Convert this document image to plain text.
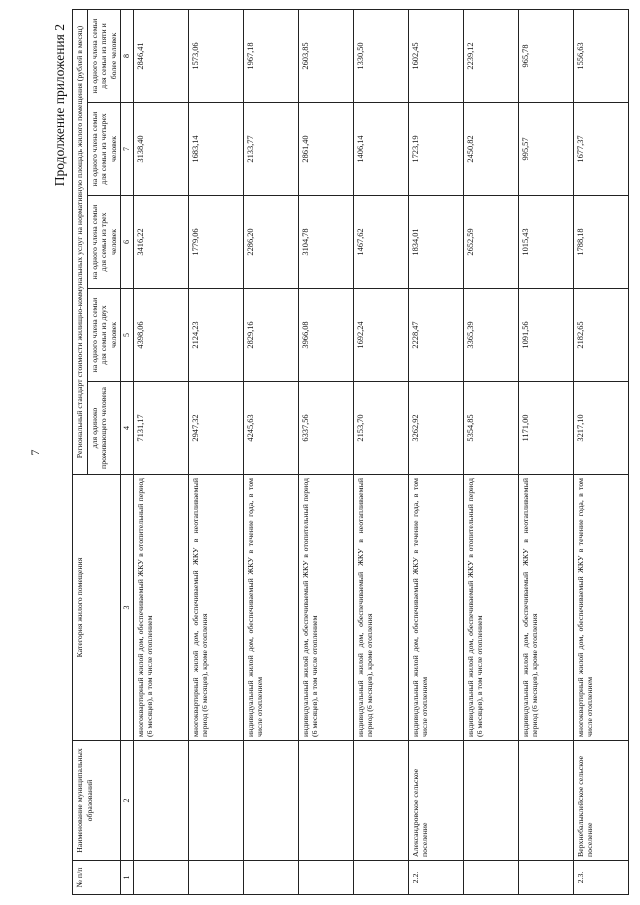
7
Продолжение приложения 2
№ п/п	Наименование муниципальных образований	Категория жилого помещения	Региональный стандарт стоимости жилищно-коммунальных услуг на нормативную площадь жилого помещения (рублей в месяц)				
			для одиноко проживающего человека	на одного члена семьи для семьи из двух человек	на одного члена семьи для семьи из трех человек	на одного члена семьи для семьи из четырех человек	на одного члена семьи для семьи из пяти и более человек
1	2	3	4	5	6	7	8
		многоквартирный жилой дом, обеспечиваемый ЖКУ в отопительный период (6 месяцев), в том числе отоплением	7131,17	4398,06	3416,22	3138,40	2846,41
		многоквартирный жилой дом, обеспечиваемый ЖКУ в неотапливаемый период (6 месяцев), кроме отопления	2947,32	2124,23	1779,06	1683,14	1573,06
		индивидуальный жилой дом, обеспечиваемый ЖКУ в течение года, в том числе отоплением	4245,63	2829,16	2286,20	2133,77	1967,18
		индивидуальный жилой дом, обеспечиваемый ЖКУ в отопительный период (6 месяцев), в том числе отоплением	6337,56	3966,08	3104,78	2861,40	2603,85
		индивидуальный жилой дом, обеспечиваемый ЖКУ в неотапливаемый период (6 месяцев), кроме отопления	2153,70	1692,24	1467,62	1406,14	1330,50
2.2.	Александровское сельское поселение	индивидуальный жилой дом, обеспечиваемый ЖКУ в течение года, в том числе отоплением	3262,92	2228,47	1834,01	1723,19	1602,45
		индивидуальный жилой дом, обеспечиваемый ЖКУ в отопительный период (6 месяцев), в том числе отоплением	5354,85	3365,39	2652,59	2450,82	2239,12
		индивидуальный жилой дом, обеспечиваемый ЖКУ в неотапливаемый период (6 месяцев), кроме отопления	1171,00	1091,56	1015,43	995,57	965,78
2.3.	Верхнебалыклейское сельское поселение	многоквартирный жилой дом, обеспечиваемый ЖКУ в течение года, в том числе отоплением	3217,10	2182,65	1788,18	1677,37	1556,63
